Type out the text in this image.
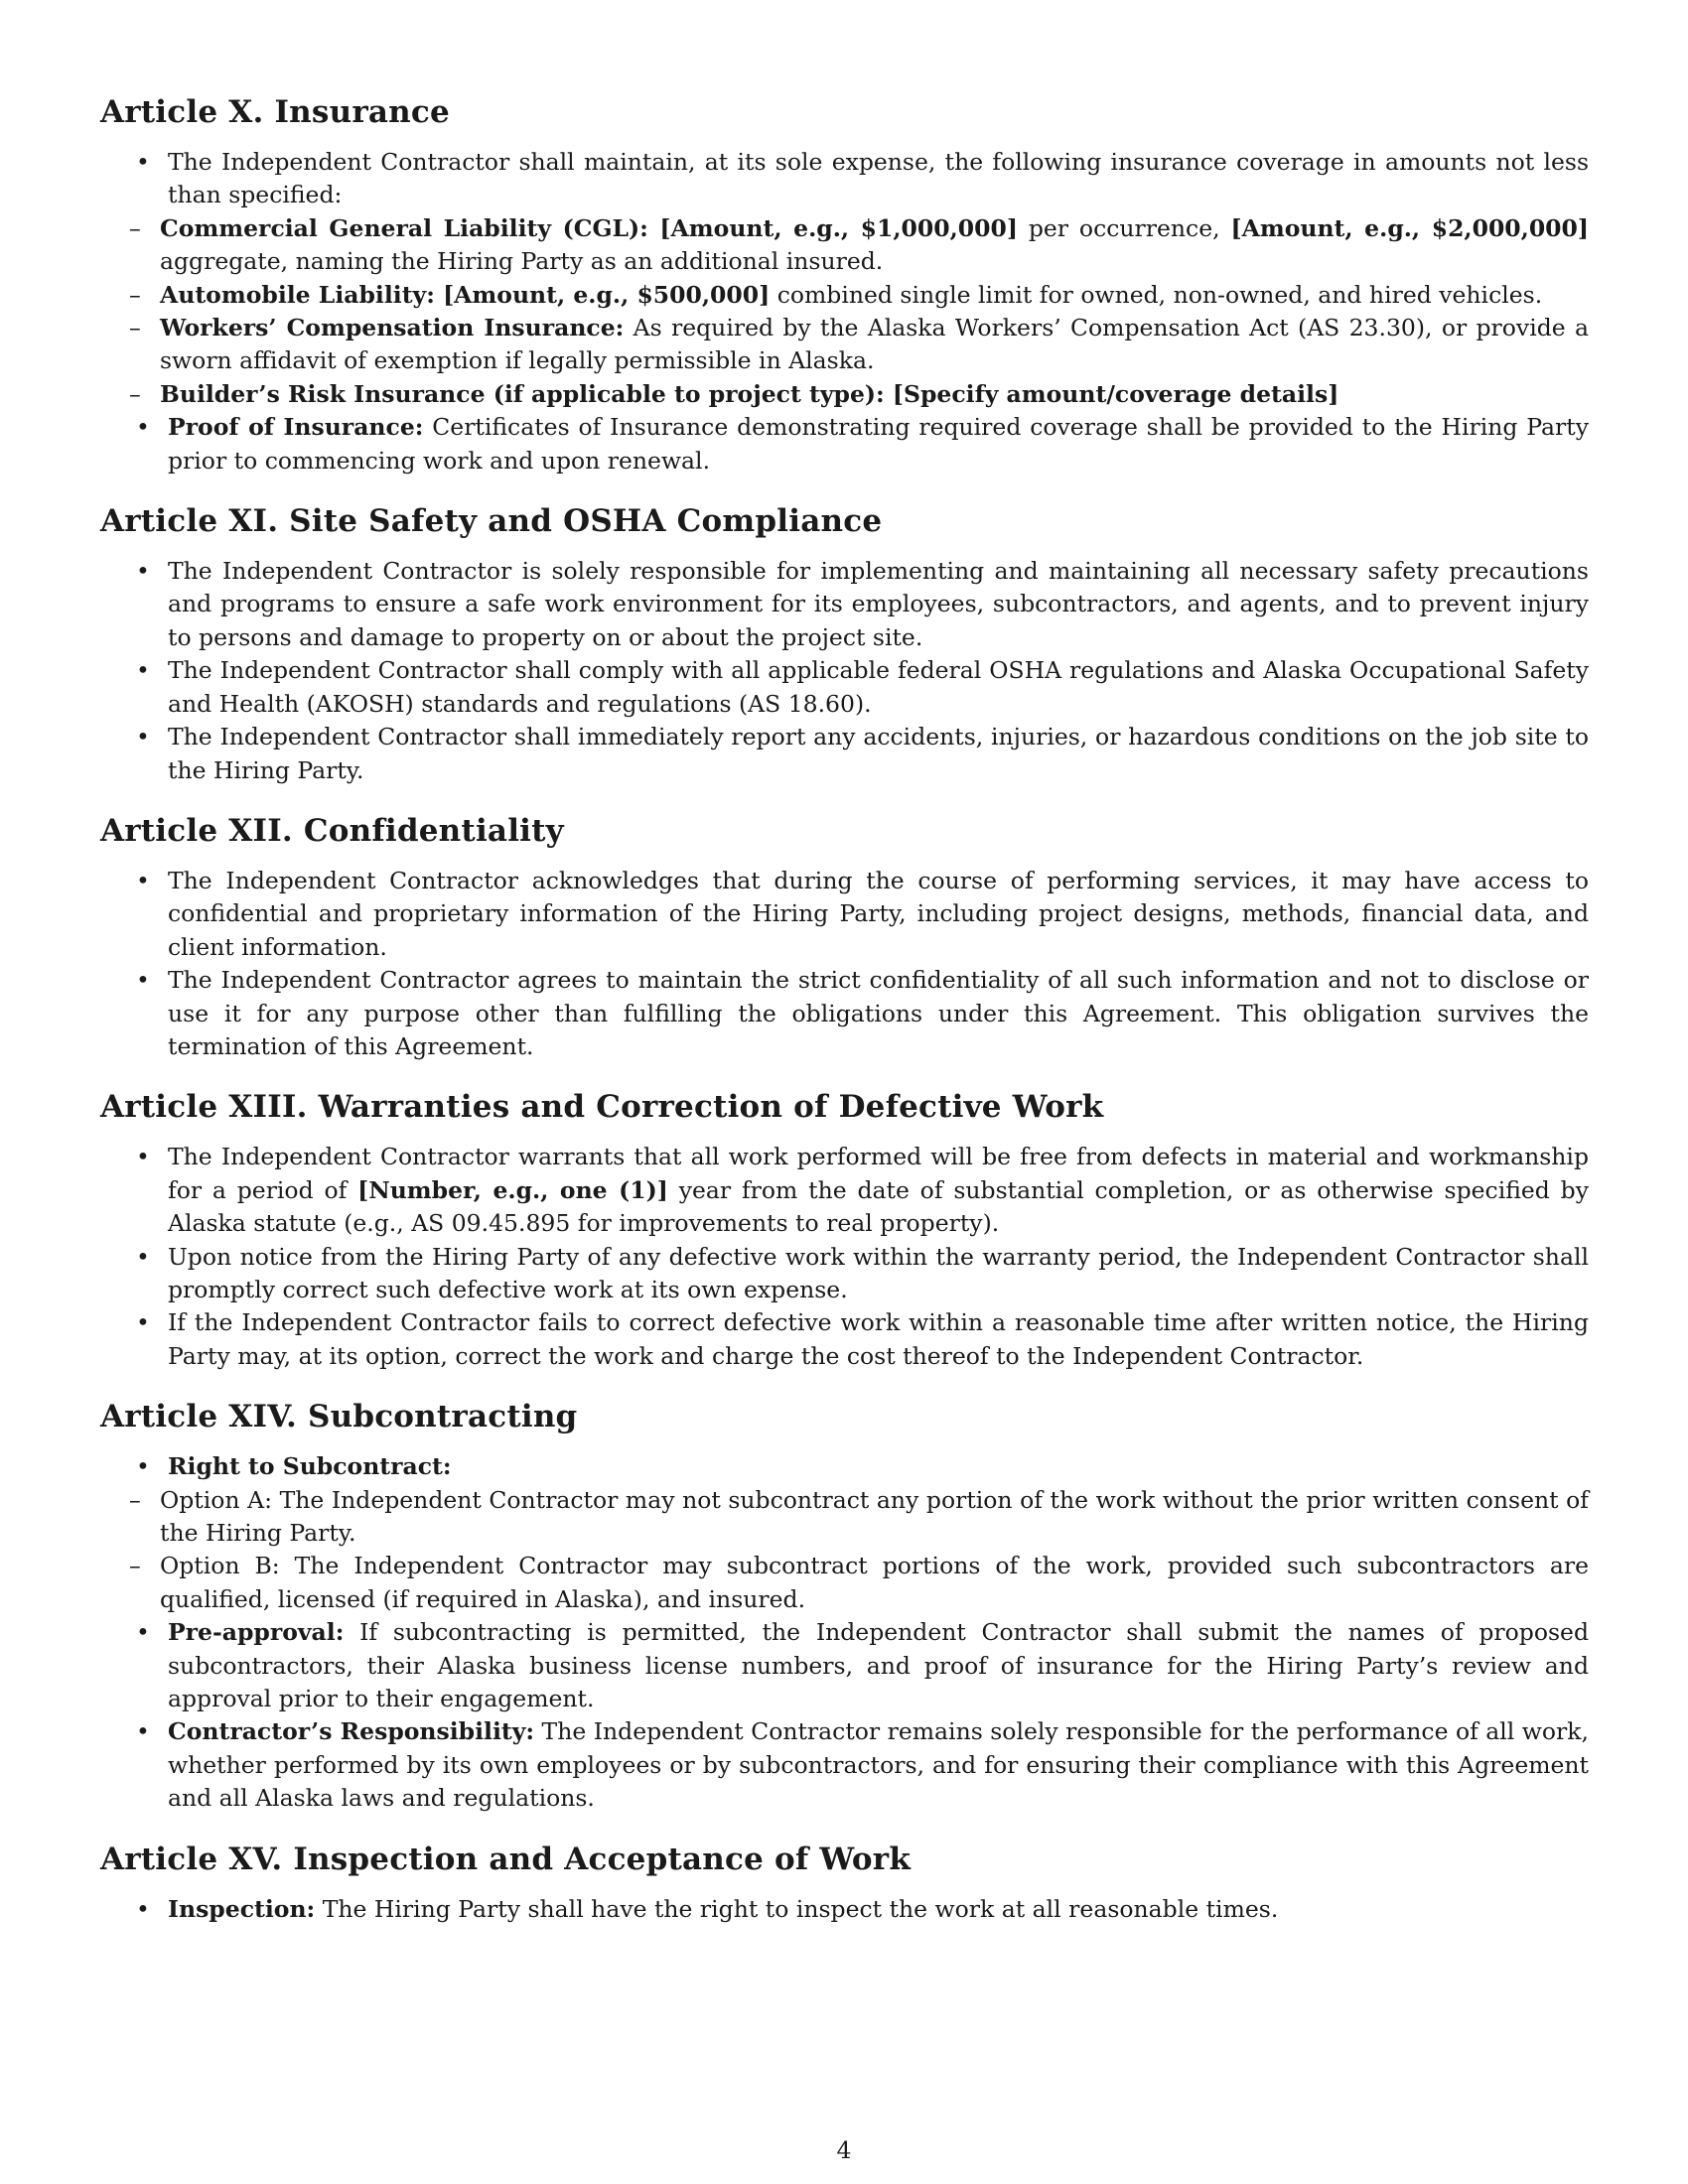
Article X. Insurance
• The Independent Contractor shall maintain, at its sole expense, the following insurance coverage in amounts not less than specified:
– Commercial General Liability (CGL): [Amount, e.g., $1,000,000] per occurrence, [Amount, e.g., $2,000,000] aggregate, naming the Hiring Party as an additional insured.
– Automobile Liability: [Amount, e.g., $500,000] combined single limit for owned, non-owned, and hired vehicles.
– Workers’ Compensation Insurance: As required by the Alaska Workers’ Compensation Act (AS 23.30), or provide a sworn affidavit of exemption if legally permissible in Alaska.
– Builder’s Risk Insurance (if applicable to project type): [Specify amount/coverage details]
• Proof of Insurance: Certificates of Insurance demonstrating required coverage shall be provided to the Hiring Party prior to commencing work and upon renewal.
Article XI. Site Safety and OSHA Compliance
• The Independent Contractor is solely responsible for implementing and maintaining all necessary safety precautions and programs to ensure a safe work environment for its employees, subcontractors, and agents, and to prevent injury to persons and damage to property on or about the project site.
• The Independent Contractor shall comply with all applicable federal OSHA regulations and Alaska Occupational Safety and Health (AKOSH) standards and regulations (AS 18.60).
• The Independent Contractor shall immediately report any accidents, injuries, or hazardous conditions on the job site to the Hiring Party.
Article XII. Confidentiality
• The Independent Contractor acknowledges that during the course of performing services, it may have access to confidential and proprietary information of the Hiring Party, including project designs, methods, financial data, and client information.
• The Independent Contractor agrees to maintain the strict confidentiality of all such information and not to disclose or use it for any purpose other than fulfilling the obligations under this Agreement. This obligation survives the termination of this Agreement.
Article XIII. Warranties and Correction of Defective Work
• The Independent Contractor warrants that all work performed will be free from defects in material and workmanship for a period of [Number, e.g., one (1)] year from the date of substantial completion, or as otherwise specified by Alaska statute (e.g., AS 09.45.895 for improvements to real property).
• Upon notice from the Hiring Party of any defective work within the warranty period, the Independent Contractor shall promptly correct such defective work at its own expense.
• If the Independent Contractor fails to correct defective work within a reasonable time after written notice, the Hiring Party may, at its option, correct the work and charge the cost thereof to the Independent Contractor.
Article XIV. Subcontracting
• Right to Subcontract:
– Option A: The Independent Contractor may not subcontract any portion of the work without the prior written consent of the Hiring Party.
– Option B: The Independent Contractor may subcontract portions of the work, provided such subcontractors are qualified, licensed (if required in Alaska), and insured.
• Pre-approval: If subcontracting is permitted, the Independent Contractor shall submit the names of proposed subcontractors, their Alaska business license numbers, and proof of insurance for the Hiring Party’s review and approval prior to their engagement.
• Contractor’s Responsibility: The Independent Contractor remains solely responsible for the performance of all work, whether performed by its own employees or by subcontractors, and for ensuring their compliance with this Agreement and all Alaska laws and regulations.
Article XV. Inspection and Acceptance of Work
• Inspection: The Hiring Party shall have the right to inspect the work at all reasonable times.
4
